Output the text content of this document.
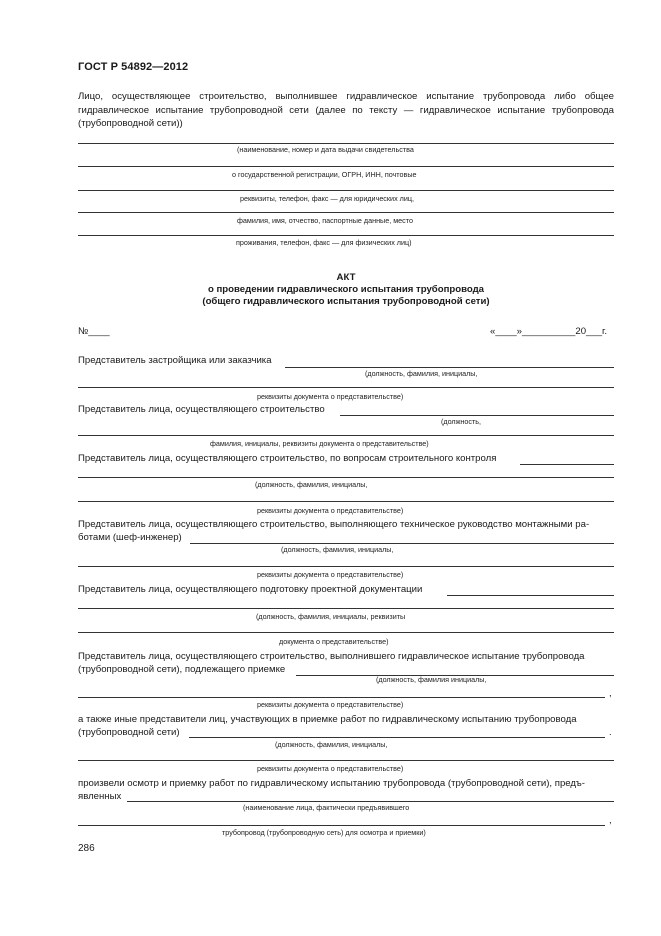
ГОСТ Р 54892—2012
Лицо, осуществляющее строительство, выполнившее гидравлическое испытание трубопровода либо общее гидравлическое испытание трубопроводной сети (далее по тексту — гидравлическое испытание трубопровода (трубопроводной сети))
(наименование, номер и дата выдачи свидетельства
о государственной регистрации, ОГРН, ИНН, почтовые
реквизиты, телефон, факс — для юридических лиц,
фамилия, имя, отчество, паспортные данные, место
проживания, телефон, факс — для физических лиц)
АКТ
о проведении гидравлического испытания трубопровода
(общего гидравлического испытания трубопроводной сети)
№____	«____»__________20___г.
Представитель застройщика или заказчика
(должность, фамилия, инициалы,
реквизиты документа о представительстве)
Представитель лица, осуществляющего строительство
(должность,
фамилия, инициалы, реквизиты документа о представительстве)
Представитель лица, осуществляющего строительство, по вопросам строительного контроля
(должность, фамилия, инициалы,
реквизиты документа о представительстве)
Представитель лица, осуществляющего строительство, выполняющего техническое руководство монтажными ра-
ботами (шеф-инженер)
(должность, фамилия, инициалы,
реквизиты документа о представительстве)
Представитель лица, осуществляющего подготовку проектной документации
(должность, фамилия, инициалы, реквизиты
документа о представительстве)
Представитель лица, осуществляющего строительство, выполнившего гидравлическое испытание трубопровода
(трубопроводной сети), подлежащего приемке
(должность, фамилия инициалы,
,
реквизиты документа о представительстве)
а также иные представители лиц, участвующих в приемке работ по гидравлическому испытанию трубопровода
(трубопроводной сети)	.
(должность, фамилия, инициалы,
реквизиты документа о представительстве)
произвели осмотр и приемку работ по гидравлическому испытанию трубопровода (трубопроводной сети), предъ-
явленных
(наименование лица, фактически предъявившего
,
трубопровод (трубопроводную сеть) для осмотра и приемки)
286
